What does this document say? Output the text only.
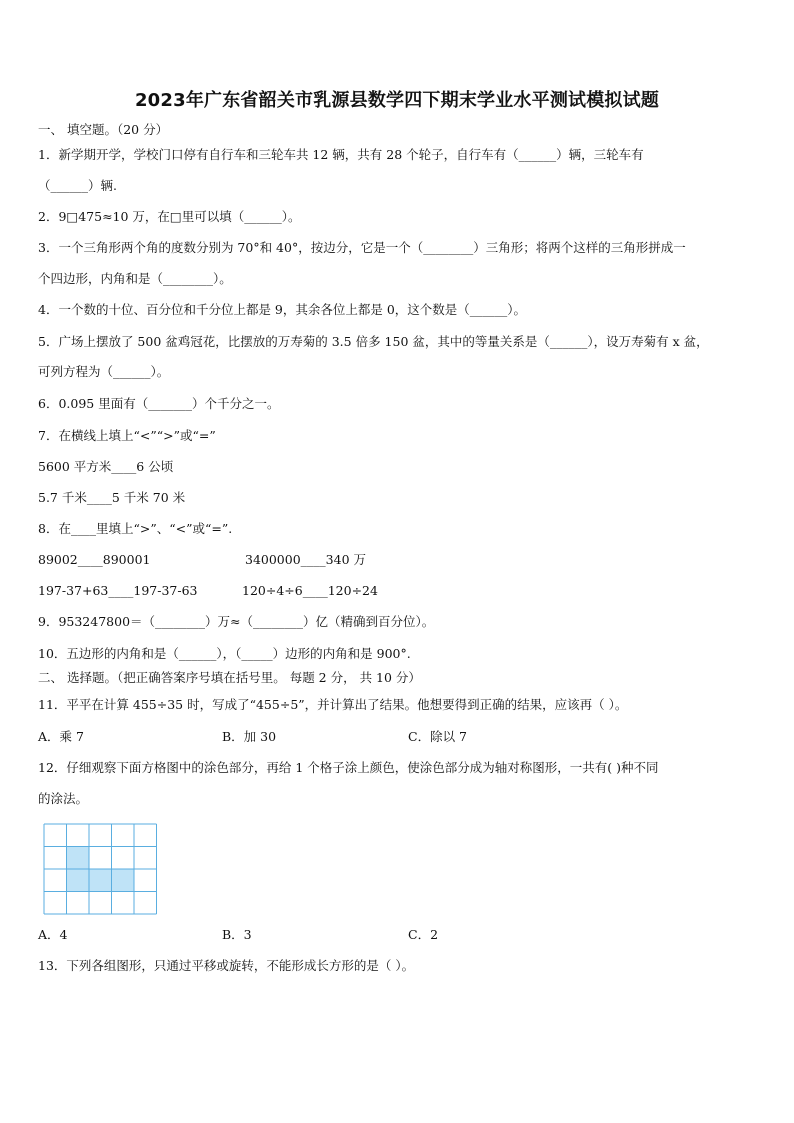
2023年广东省韶关市乳源县数学四下期末学业水平测试模拟试题
一、 填空题。（20 分）
1．新学期开学，学校门口停有自行车和三轮车共 12 辆，共有 28 个轮子，自行车有（______）辆，三轮车有
（______）辆.
2．9□475≈10 万，在□里可以填（______）。
3．一个三角形两个角的度数分别为 70°和 40°，按边分，它是一个（________）三角形；将两个这样的三角形拼成一
个四边形，内角和是（________）。
4．一个数的十位、百分位和千分位上都是 9，其余各位上都是 0，这个数是（______）。
5．广场上摆放了 500 盆鸡冠花，比摆放的万寿菊的 3.5 倍多 150 盆，其中的等量关系是（______），设万寿菊有 x 盆，
可列方程为（______）。
6．0.095 里面有（_______）个千分之一。
7．在横线上填上“<”“>”或“=”
5600 平方米____6 公顷
5.7 千米____5 千米 70 米
8．在____里填上“>”、“<”或“=”.
89002____890001	3400000____340 万
197-37+63____197-37-63	120÷4÷6____120÷24
9．953247800＝（________）万≈（________）亿（精确到百分位）。
10．五边形的内角和是（______），（_____）边形的内角和是 900°.
二、 选择题。（把正确答案序号填在括号里。 每题 2 分， 共 10 分）
11．平平在计算 455÷35 时，写成了“455÷5”，并计算出了结果。他想要得到正确的结果，应该再（ ）。
A．乘 7	B．加 30	C．除以 7
12．仔细观察下面方格图中的涂色部分，再给 1 个格子涂上颜色，使涂色部分成为轴对称图形，一共有( )种不同
的涂法。
A．4	B．3	C．2
13．下列各组图形，只通过平移或旋转，不能形成长方形的是（ ）。
